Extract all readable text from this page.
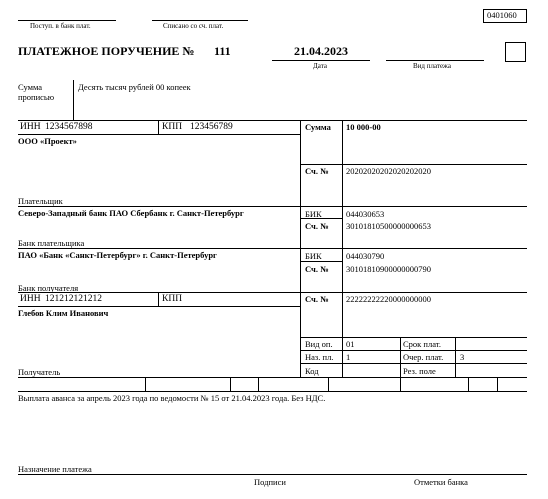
0401060
Поступ. в банк плат.	Списано со сч. плат.
ПЛАТЕЖНОЕ ПОРУЧЕНИЕ № 111	21.04.2023
Дата	Вид платежа
Сумма
прописью
Десять тысяч рублей 00 копеек
ИНН 1234567898	КПП 123456789
ООО «Проект»
Плательщик
Северо-Западный банк ПАО Сбербанк г. Санкт-Петербург
Банк плательщика
Сумма 10 000-00
Сч. № 20202020202020202020
БИК	044030653
Сч. № 30101810500000000653
ПАО «Банк «Санкт-Петербург» г. Санкт-Петербург
Банк получателя
БИК	044030790
Сч. № 30101810900000000790
ИНН 121212121212	КПП	Сч. № 22222222220000000000
Глебов Клим Иванович
Получатель
Вид оп. 01	Срок плат.
Наз. пл. 1	Очер. плат. 3
Код	Рез. поле
Выплата аванса за апрель 2023 года по ведомости № 15 от 21.04.2023 года. Без НДС.
Назначение платежа
Подписи	Отметки банка
